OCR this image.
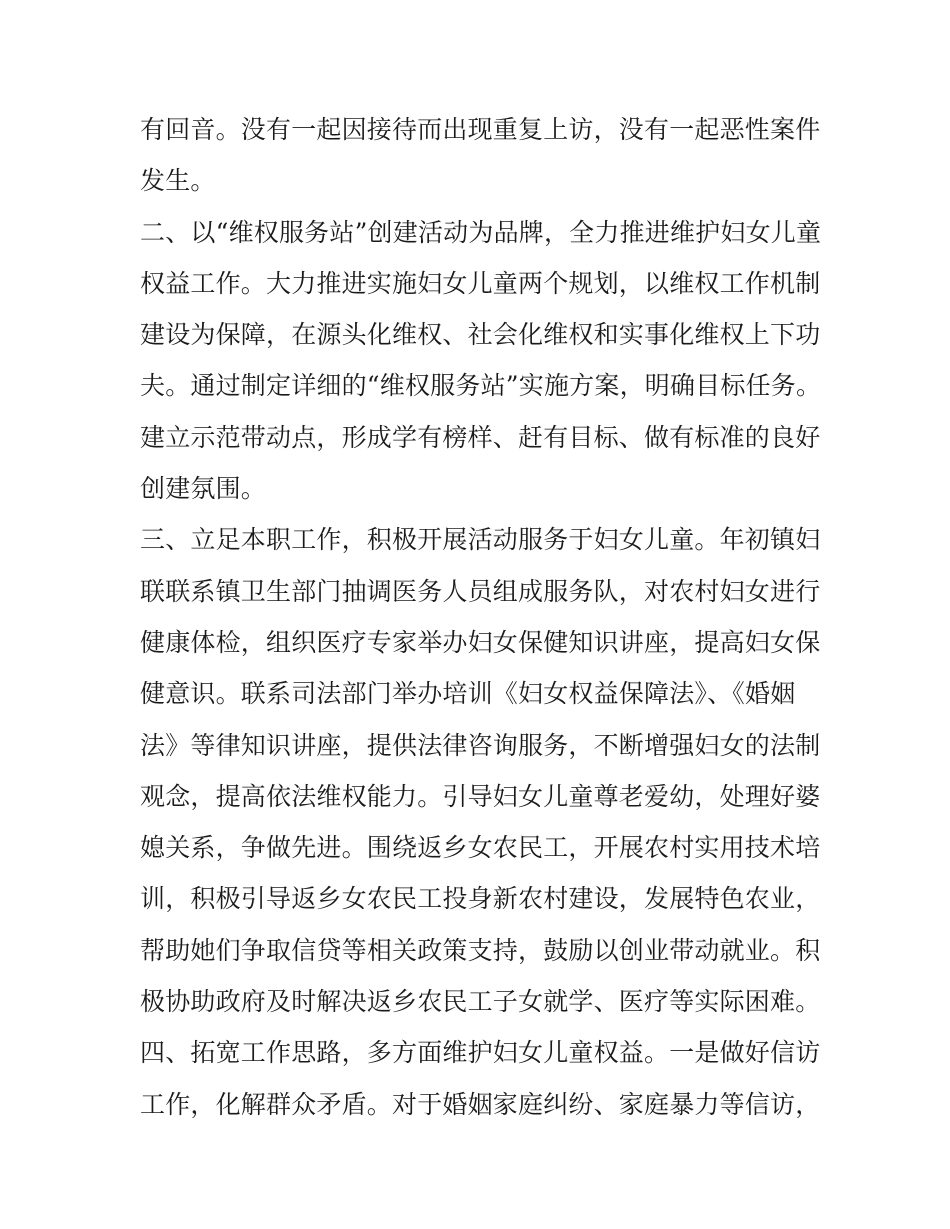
有回音。没有一起因接待而出现重复上访，没有一起恶性案件
发生。
二、以“维权服务站”创建活动为品牌，全力推进维护妇女儿童
权益工作。大力推进实施妇女儿童两个规划，以维权工作机制
建设为保障，在源头化维权、社会化维权和实事化维权上下功
夫。通过制定详细的“维权服务站”实施方案，明确目标任务。
建立示范带动点，形成学有榜样、赶有目标、做有标准的良好
创建氛围。
三、立足本职工作，积极开展活动服务于妇女儿童。年初镇妇
联联系镇卫生部门抽调医务人员组成服务队，对农村妇女进行
健康体检，组织医疗专家举办妇女保健知识讲座，提高妇女保
健意识。联系司法部门举办培训《妇女权益保障法》、《婚姻
法》等律知识讲座，提供法律咨询服务，不断增强妇女的法制
观念，提高依法维权能力。引导妇女儿童尊老爱幼，处理好婆
媳关系，争做先进。围绕返乡女农民工，开展农村实用技术培
训，积极引导返乡女农民工投身新农村建设，发展特色农业，
帮助她们争取信贷等相关政策支持，鼓励以创业带动就业。积
极协助政府及时解决返乡农民工子女就学、医疗等实际困难。
四、拓宽工作思路，多方面维护妇女儿童权益。一是做好信访
工作，化解群众矛盾。对于婚姻家庭纠纷、家庭暴力等信访，
